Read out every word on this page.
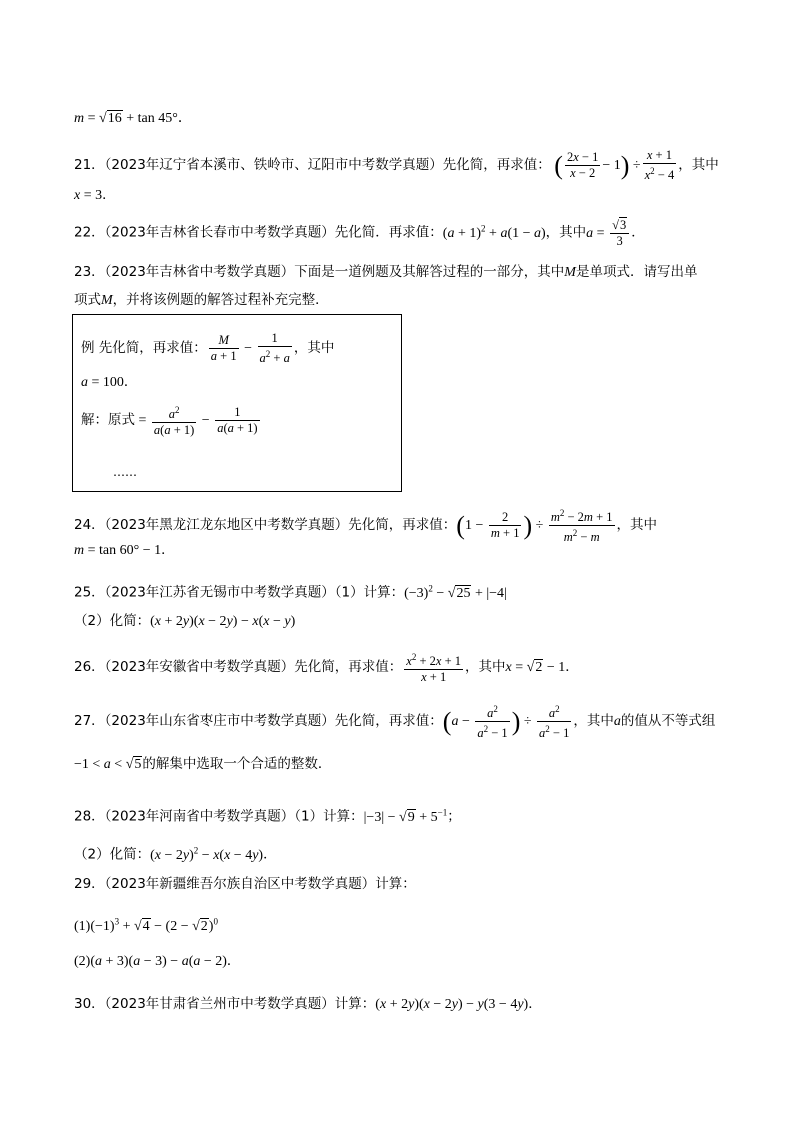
m = √16 + tan 45°．
21．（2023年辽宁省本溪市、铁岭市、辽阳市中考数学真题）先化简，再求值： ( $\frac{2x - 1}{x - 2} - 1) \div \frac{x + 1}{x^2 - 4}$ ，其中
x = 3．
22．（2023年吉林省长春市中考数学真题）先化简．再求值：$(a + 1)^2 + a(1 - a)$，其中$a = \frac{√3}{3}$ ．
23．（2023年吉林省中考数学真题）下面是一道例题及其解答过程的一部分，其中M是单项式．请写出单
项式M，并将该例题的解答过程补充完整．
例 先化简，再求值： $\frac{M}{a + 1} - \frac{1}{a^2 + a}$ ，其中
a = 100．
解：原式 = $\frac{a^2}{a(a + 1)} - \frac{1}{a(a + 1)}$
……
24．（2023年黑龙江龙东地区中考数学真题）先化简，再求值：($1 - \frac{2}{m + 1}$ ) ÷ $\frac{m^2 - 2m + 1}{m^2 - m}$ ，其中
m = tan 60° − 1．
25．（2023年江苏省无锡市中考数学真题）（1）计算：$(-3)^2 - √25 + |-4|$
（2）化简：(x + 2y)(x − 2y) − x(x − y)
26．（2023年安徽省中考数学真题）先化简，再求值： $\frac{x^2 + 2x + 1}{x + 1}$ ，其中x = √2 − 1．
27．（2023年山东省枣庄市中考数学真题）先化简，再求值：($a - \frac{a^2}{a^2 - 1}$ ) ÷ $\frac{a^2}{a^2 - 1}$ ，其中a的值从不等式组
−1 < a < √5的解集中选取一个合适的整数．
28．（2023年河南省中考数学真题）（1）计算：$|-3| - √9 + 5^{-1}$；
（2）化简：$(x - 2y)^2 - x(x - 4y)$．
29．（2023年新疆维吾尔族自治区中考数学真题）计算：
$(1)(-1)^3 + √4 - (2 - √2)^0$
(2)(a + 3)(a − 3) − a(a − 2)．
30．（2023年甘肃省兰州市中考数学真题）计算：(x + 2y)(x − 2y) − y(3 − 4y)．
